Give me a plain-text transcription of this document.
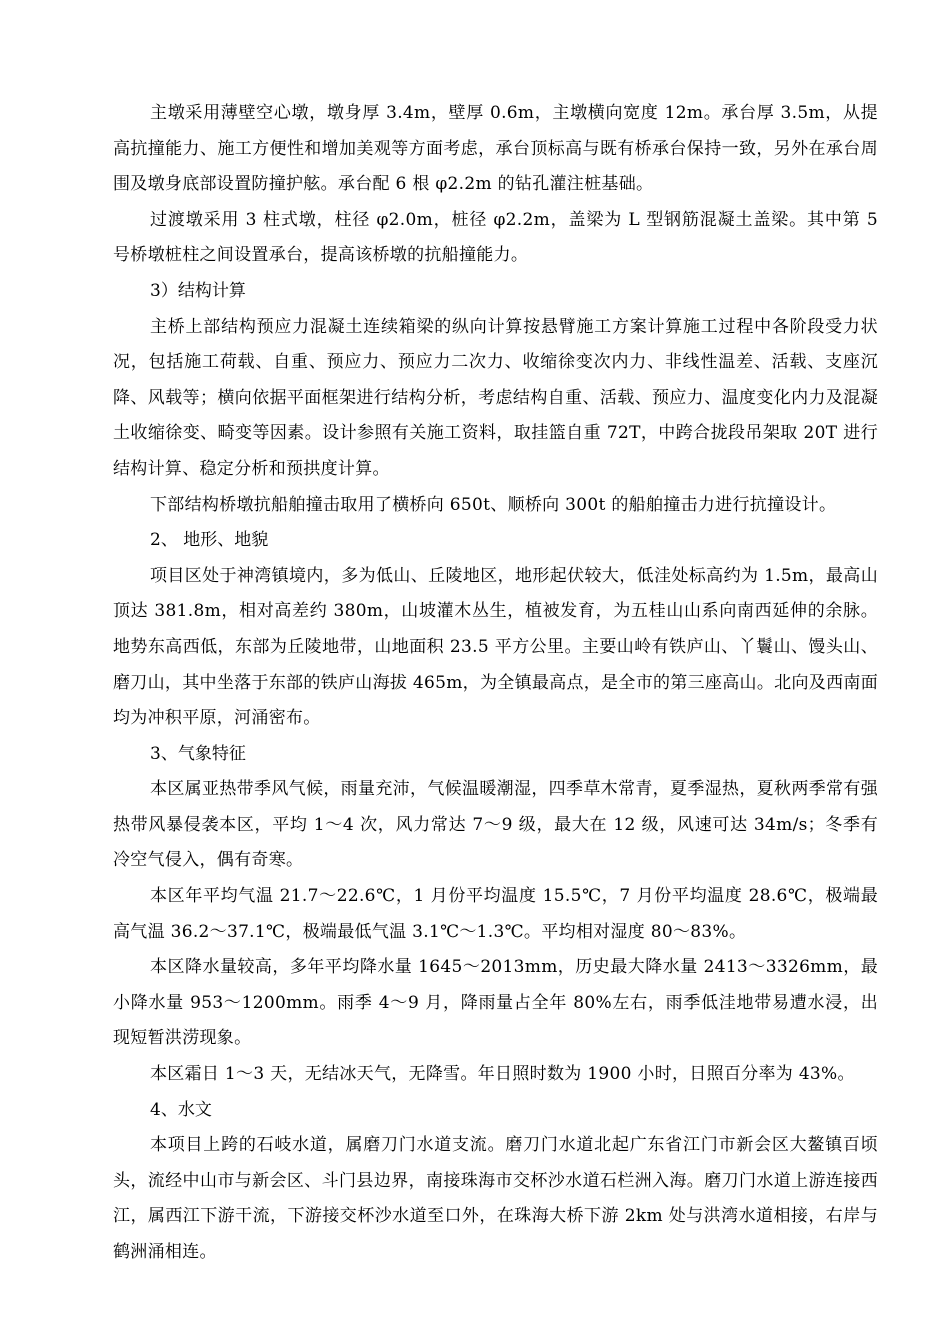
主墩采用薄壁空心墩，墩身厚 3.4m，壁厚 0.6m，主墩横向宽度 12m。承台厚 3.5m，从提高抗撞能力、施工方便性和增加美观等方面考虑，承台顶标高与既有桥承台保持一致，另外在承台周围及墩身底部设置防撞护舷。承台配 6 根 φ2.2m 的钻孔灌注桩基础。

过渡墩采用 3 柱式墩，柱径 φ2.0m，桩径 φ2.2m，盖梁为 L 型钢筋混凝土盖梁。其中第 5 号桥墩桩柱之间设置承台，提高该桥墩的抗船撞能力。

3）结构计算

主桥上部结构预应力混凝土连续箱梁的纵向计算按悬臂施工方案计算施工过程中各阶段受力状况，包括施工荷载、自重、预应力、预应力二次力、收缩徐变次内力、非线性温差、活载、支座沉降、风载等；横向依据平面框架进行结构分析，考虑结构自重、活载、预应力、温度变化内力及混凝土收缩徐变、畸变等因素。设计参照有关施工资料，取挂篮自重 72T，中跨合拢段吊架取 20T 进行结构计算、稳定分析和预拱度计算。

下部结构桥墩抗船舶撞击取用了横桥向 650t、顺桥向 300t 的船舶撞击力进行抗撞设计。

2、 地形、地貌

项目区处于神湾镇境内，多为低山、丘陵地区，地形起伏较大，低洼处标高约为 1.5m，最高山顶达 381.8m，相对高差约 380m，山坡灌木丛生，植被发育，为五桂山山系向南西延伸的余脉。地势东高西低，东部为丘陵地带，山地面积 23.5 平方公里。主要山岭有铁庐山、丫鬟山、馒头山、磨刀山，其中坐落于东部的铁庐山海拔 465m，为全镇最高点，是全市的第三座高山。北向及西南面均为冲积平原，河涌密布。

3、气象特征

本区属亚热带季风气候，雨量充沛，气候温暖潮湿，四季草木常青，夏季湿热，夏秋两季常有强热带风暴侵袭本区，平均 1～4 次，风力常达 7～9 级，最大在 12 级，风速可达 34m/s；冬季有冷空气侵入，偶有奇寒。

本区年平均气温 21.7～22.6℃，1 月份平均温度 15.5℃，7 月份平均温度 28.6℃，极端最高气温 36.2～37.1℃，极端最低气温 3.1℃～1.3℃。平均相对湿度 80～83%。

本区降水量较高，多年平均降水量 1645～2013mm，历史最大降水量 2413～3326mm，最小降水量 953～1200mm。雨季 4～9 月，降雨量占全年 80%左右，雨季低洼地带易遭水浸，出现短暂洪涝现象。

本区霜日 1～3 天，无结冰天气，无降雪。年日照时数为 1900 小时，日照百分率为 43%。

4、水文

本项目上跨的石岐水道，属磨刀门水道支流。磨刀门水道北起广东省江门市新会区大鳌镇百顷头，流经中山市与新会区、斗门县边界，南接珠海市交杯沙水道石栏洲入海。磨刀门水道上游连接西江，属西江下游干流，下游接交杯沙水道至口外，在珠海大桥下游 2km 处与洪湾水道相接，右岸与鹤洲涌相连。
